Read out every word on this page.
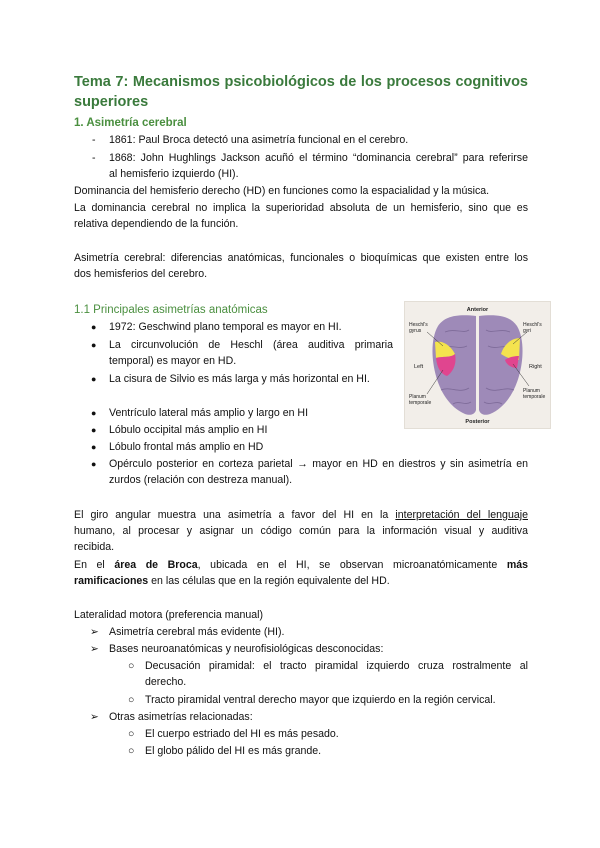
Tema 7: Mecanismos psicobiológicos de los procesos cognitivos superiores
1. Asimetría cerebral
- 1861: Paul Broca detectó una asimetría funcional en el cerebro.
- 1868: John Hughlings Jackson acuñó el término “dominancia cerebral” para referirse
al hemisferio izquierdo (HI).
Dominancia del hemisferio derecho (HD) en funciones como la espacialidad y la música.
La dominancia cerebral no implica la superioridad absoluta de un hemisferio, sino que es
relativa dependiendo de la función.
Asimetría cerebral: diferencias anatómicas, funcionales o bioquímicas que existen entre los
dos hemisferios del cerebro.
1.1 Principales asimetrías anatómicas
● 1972: Geschwind plano temporal es mayor en HI.
● La circunvolución de Heschl (área auditiva primaria
temporal) es mayor en HD.
● La cisura de Silvio es más larga y más horizontal en HI.
● Ventrículo lateral más amplio y largo en HI
● Lóbulo occipital más amplio en HI
● Lóbulo frontal más amplio en HD
● Opérculo posterior en corteza parietal → mayor en HD en diestros y sin asimetría en
zurdos (relación con destreza manual).
Anterior
Posterior
Left	Right
Heschl's
gyrus
Heschl's
gyri
Planum
temporale
Planum
temporale
El giro angular muestra una asimetría a favor del HI en la interpretación del lenguaje
humano, al procesar y asignar un código común para la información visual y auditiva
recibida.
En el área de Broca, ubicada en el HI, se observan microanatómicamente más
ramificaciones en las células que en la región equivalente del HD.
Lateralidad motora (preferencia manual)
➢ Asimetría cerebral más evidente (HI).
➢ Bases neuroanatómicas y neurofisiológicas desconocidas:
○ Decusación piramidal: el tracto piramidal izquierdo cruza rostralmente al
derecho.
○ Tracto piramidal ventral derecho mayor que izquierdo en la región cervical.
➢ Otras asimetrías relacionadas:
○ El cuerpo estriado del HI es más pesado.
○ El globo pálido del HI es más grande.
